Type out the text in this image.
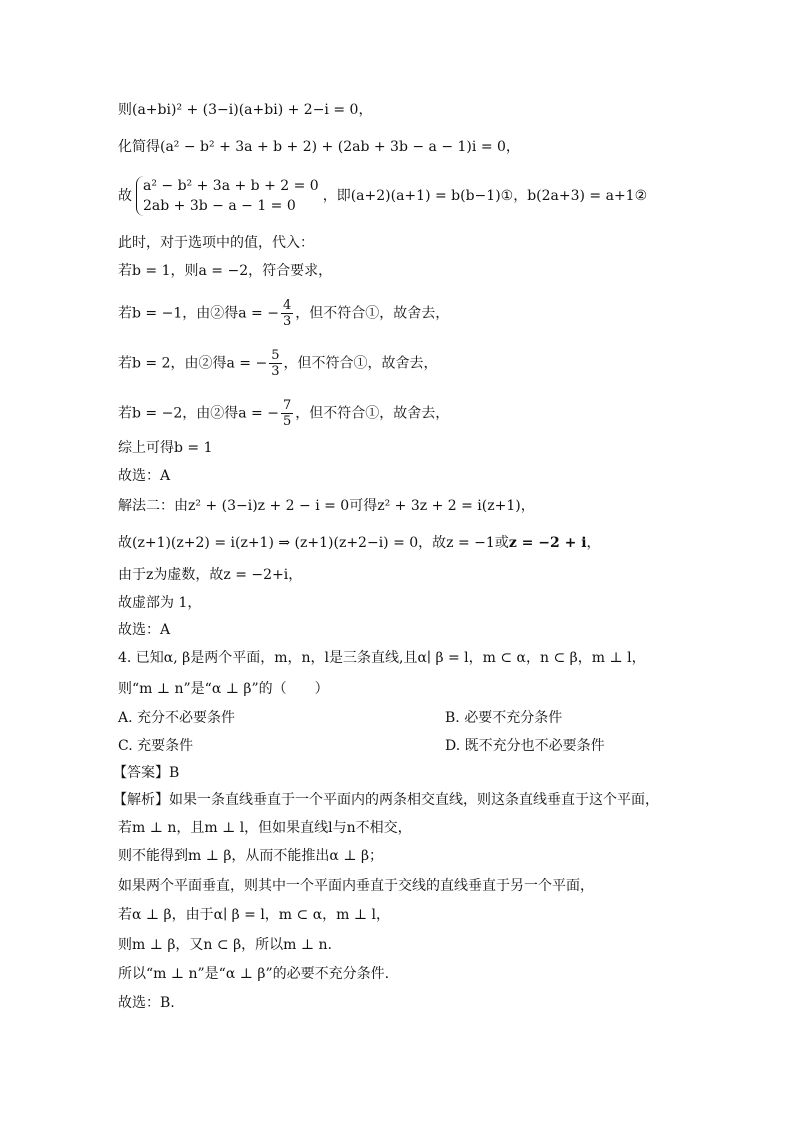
则(a+bi)² + (3−i)(a+bi) + 2−i = 0，
化简得(a² − b² + 3a + b + 2) + (2ab + 3b − a − 1)i = 0，
故
a² − b² + 3a + b + 2 = 0
2ab + 3b − a − 1 = 0
，即(a+2)(a+1) = b(b−1)①，b(2a+3) = a+1②
此时，对于选项中的值，代入：
若b = 1，则a = −2，符合要求，
若b = −1，由②得a = − $\frac{4}{3}$ ，但不符合①，故舍去，
若b = 2，由②得a = − $\frac{5}{3}$ ，但不符合①，故舍去，
若b = −2，由②得a = − $\frac{7}{5}$ ，但不符合①，故舍去，
综上可得b = 1
故选：A
解法二：由z² + (3−i)z + 2 − i = 0可得z² + 3z + 2 = i(z+1)，
故(z+1)(z+2) = i(z+1) ⇒ (z+1)(z+2−i) = 0，故z = −1或z = −2 + i，
由于z为虚数，故z = −2+i，
故虚部为 1，
故选：A
4. 已知α, β是两个平面，m，n，l是三条直线,且α∣ β = l，m ⊂ α，n ⊂ β，m ⊥ l，
则“m ⊥ n”是“α ⊥ β”的（　　）
A. 充分不必要条件	B. 必要不充分条件
C. 充要条件	D. 既不充分也不必要条件
【答案】B
【解析】如果一条直线垂直于一个平面内的两条相交直线，则这条直线垂直于这个平面，
若m ⊥ n，且m ⊥ l，但如果直线l与n不相交，
则不能得到m ⊥ β，从而不能推出α ⊥ β；
如果两个平面垂直，则其中一个平面内垂直于交线的直线垂直于另一个平面，
若α ⊥ β，由于α∣ β = l，m ⊂ α，m ⊥ l，
则m ⊥ β，又n ⊂ β，所以m ⊥ n.
所以“m ⊥ n”是“α ⊥ β”的必要不充分条件.
故选：B.
